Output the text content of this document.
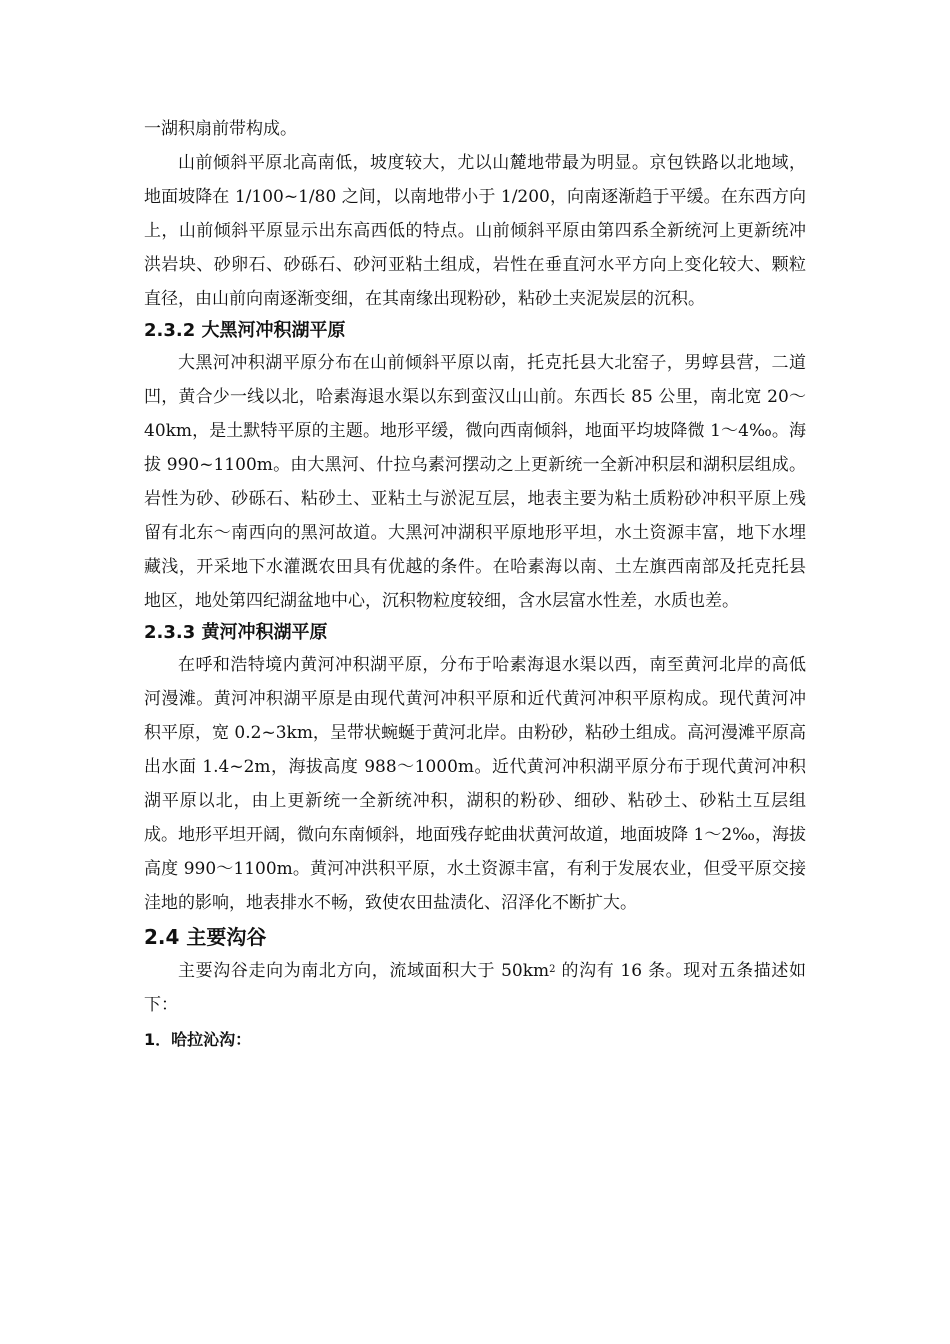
一湖积扇前带构成。

山前倾斜平原北高南低，坡度较大，尤以山麓地带最为明显。京包铁路以北地域，地面坡降在 1/100~1/80 之间，以南地带小于 1/200，向南逐渐趋于平缓。在东西方向上，山前倾斜平原显示出东高西低的特点。山前倾斜平原由第四系全新统河上更新统冲洪岩块、砂卵石、砂砾石、砂河亚粘土组成，岩性在垂直河水平方向上变化较大、颗粒直径，由山前向南逐渐变细，在其南缘出现粉砂，粘砂土夹泥炭层的沉积。

2.3.2 大黑河冲积湖平原

大黑河冲积湖平原分布在山前倾斜平原以南，托克托县大北窑子，男蜳县营，二道凹，黄合少一线以北，哈素海退水渠以东到蛮汉山山前。东西长 85 公里，南北宽 20～40km，是土默特平原的主题。地形平缓，微向西南倾斜，地面平均坡降微 1～4‰。海拔 990~1100m。由大黑河、什拉乌素河摆动之上更新统一全新冲积层和湖积层组成。岩性为砂、砂砾石、粘砂土、亚粘土与淤泥互层，地表主要为粘土质粉砂冲积平原上残留有北东～南西向的黑河故道。大黑河冲湖积平原地形平坦，水土资源丰富，地下水埋藏浅，开采地下水灌溉农田具有优越的条件。在哈素海以南、土左旗西南部及托克托县地区，地处第四纪湖盆地中心，沉积物粒度较细，含水层富水性差，水质也差。

2.3.3 黄河冲积湖平原

在呼和浩特境内黄河冲积湖平原，分布于哈素海退水渠以西，南至黄河北岸的高低河漫滩。黄河冲积湖平原是由现代黄河冲积平原和近代黄河冲积平原构成。现代黄河冲积平原，宽 0.2~3km，呈带状蜿蜒于黄河北岸。由粉砂，粘砂土组成。高河漫滩平原高出水面 1.4~2m，海拔高度 988～1000m。近代黄河冲积湖平原分布于现代黄河冲积湖平原以北，由上更新统一全新统冲积，湖积的粉砂、细砂、粘砂土、砂粘土互层组成。地形平坦开阔，微向东南倾斜，地面残存蛇曲状黄河故道，地面坡降 1～2‰，海拔高度 990～1100m。黄河冲洪积平原，水土资源丰富，有利于发展农业，但受平原交接洼地的影响，地表排水不畅，致使农田盐渍化、沼泽化不断扩大。

2.4 主要沟谷

主要沟谷走向为南北方向，流域面积大于 $50km^2$ 的沟有 16 条。现对五条描述如下：

1．哈拉沁沟：
